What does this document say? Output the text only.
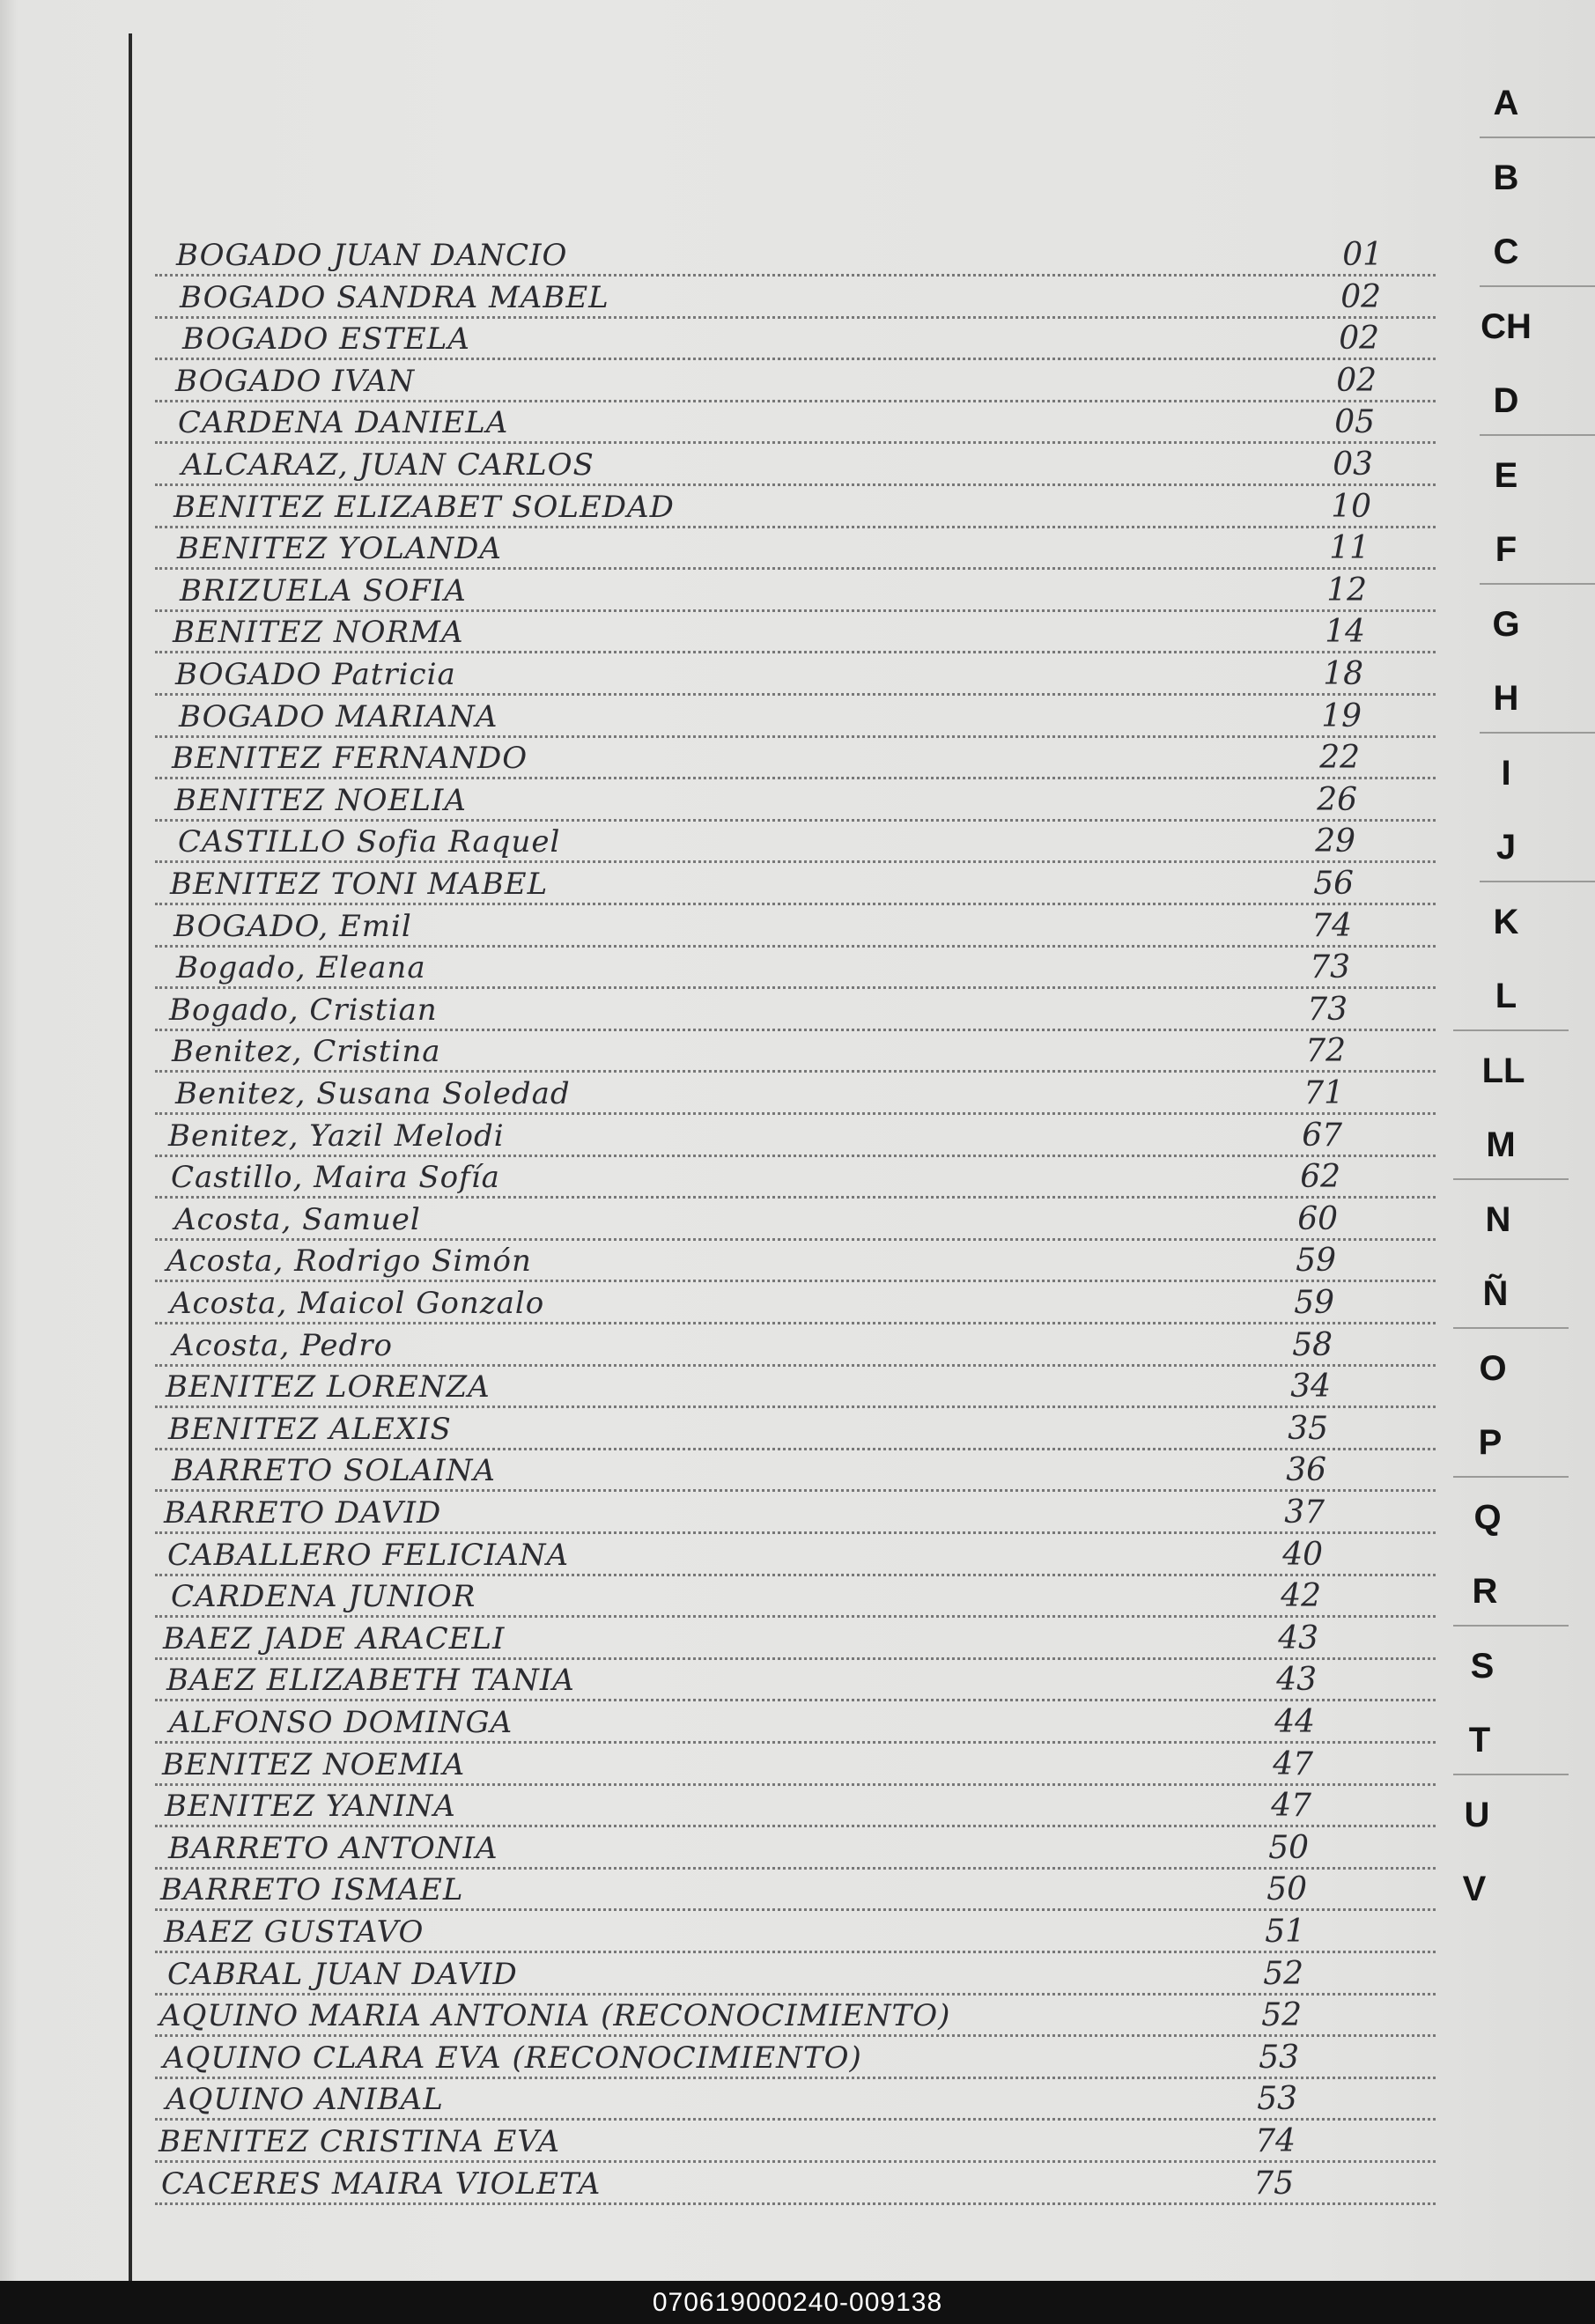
BOGADO JUAN DANCIO	01
BOGADO SANDRA MABEL	02
BOGADO ESTELA	02
BOGADO IVAN	02
CARDENA DANIELA	05
ALCARAZ, JUAN CARLOS	03
BENITEZ ELIZABET SOLEDAD	10
BENITEZ YOLANDA	11
BRIZUELA SOFIA	12
BENITEZ NORMA	14
BOGADO Patricia	18
BOGADO MARIANA	19
BENITEZ FERNANDO	22
BENITEZ NOELIA	26
CASTILLO Sofia Raquel	29
BENITEZ TONI MABEL	56
BOGADO, Emil	74
Bogado, Eleana	73
Bogado, Cristian	73
Benitez, Cristina	72
Benitez, Susana Soledad	71
Benitez, Yazil Melodi	67
Castillo, Maira Sofía	62
Acosta, Samuel	60
Acosta, Rodrigo Simón	59
Acosta, Maicol Gonzalo	59
Acosta, Pedro	58
BENITEZ LORENZA	34
BENITEZ ALEXIS	35
BARRETO SOLAINA	36
BARRETO DAVID	37
CABALLERO FELICIANA	40
CARDENA JUNIOR	42
BAEZ JADE ARACELI	43
BAEZ ELIZABETH TANIA	43
ALFONSO DOMINGA	44
BENITEZ NOEMIA	47
BENITEZ YANINA	47
BARRETO ANTONIA	50
BARRETO ISMAEL	50
BAEZ GUSTAVO	51
CABRAL JUAN DAVID	52
AQUINO MARIA ANTONIA (RECONOCIMIENTO)	52
AQUINO CLARA EVA (RECONOCIMIENTO)	53
AQUINO ANIBAL	53
BENITEZ CRISTINA EVA	74
CACERES MAIRA VIOLETA	75
A
B
C
CH
D
E
F
G
H
I
J
K
L
LL
M
N
Ñ
O
P
Q
R
S
T
U
V
070619000240-009138
